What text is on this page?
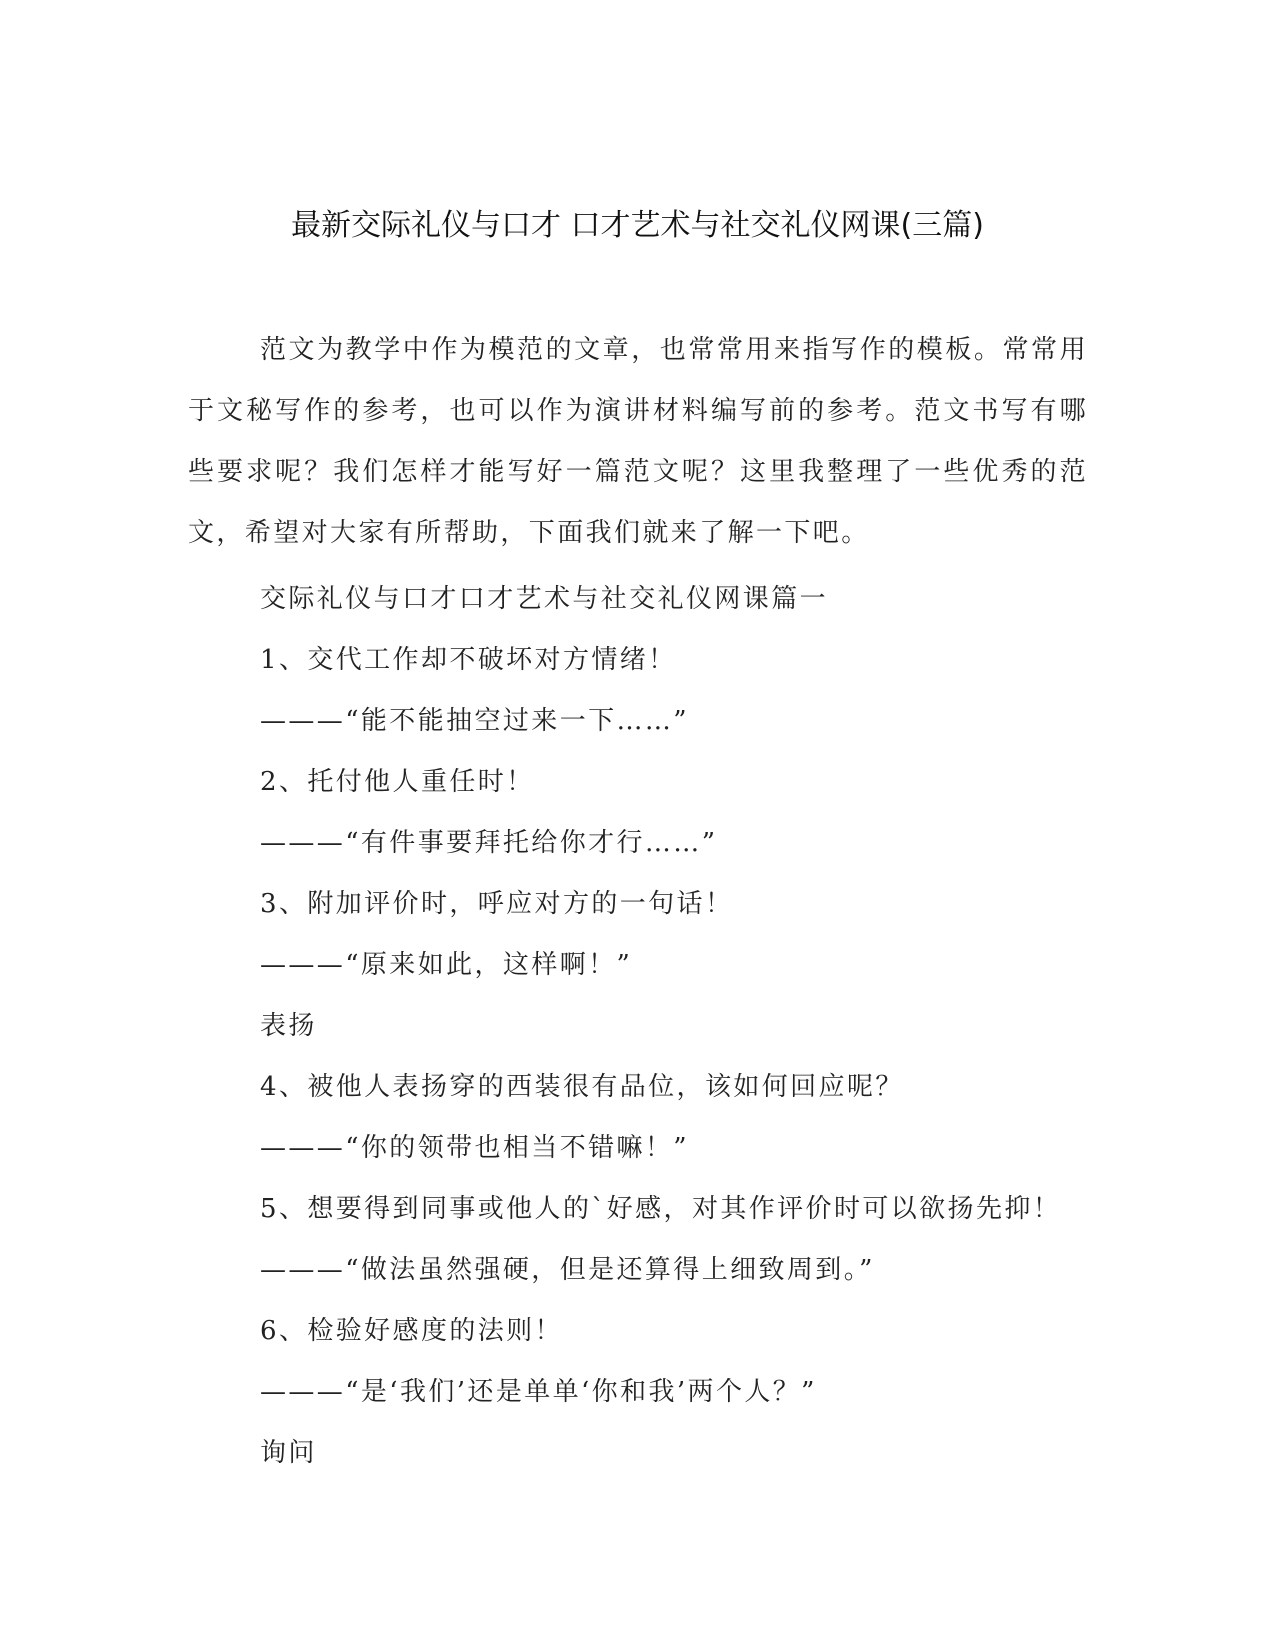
最新交际礼仪与口才 口才艺术与社交礼仪网课(三篇)

范文为教学中作为模范的文章，也常常用来指写作的模板。常常用于文秘写作的参考，也可以作为演讲材料编写前的参考。范文书写有哪些要求呢？我们怎样才能写好一篇范文呢？这里我整理了一些优秀的范文，希望对大家有所帮助，下面我们就来了解一下吧。

交际礼仪与口才口才艺术与社交礼仪网课篇一
1、交代工作却不破坏对方情绪！
———“能不能抽空过来一下……”
2、托付他人重任时！
———“有件事要拜托给你才行……”
3、附加评价时，呼应对方的一句话！
———“原来如此，这样啊！”
表扬
4、被他人表扬穿的西装很有品位，该如何回应呢？
———“你的领带也相当不错嘛！”
5、想要得到同事或他人的`好感，对其作评价时可以欲扬先抑！
———“做法虽然强硬，但是还算得上细致周到。”
6、检验好感度的法则！
———“是‘我们’还是单单‘你和我’两个人？”
询问
